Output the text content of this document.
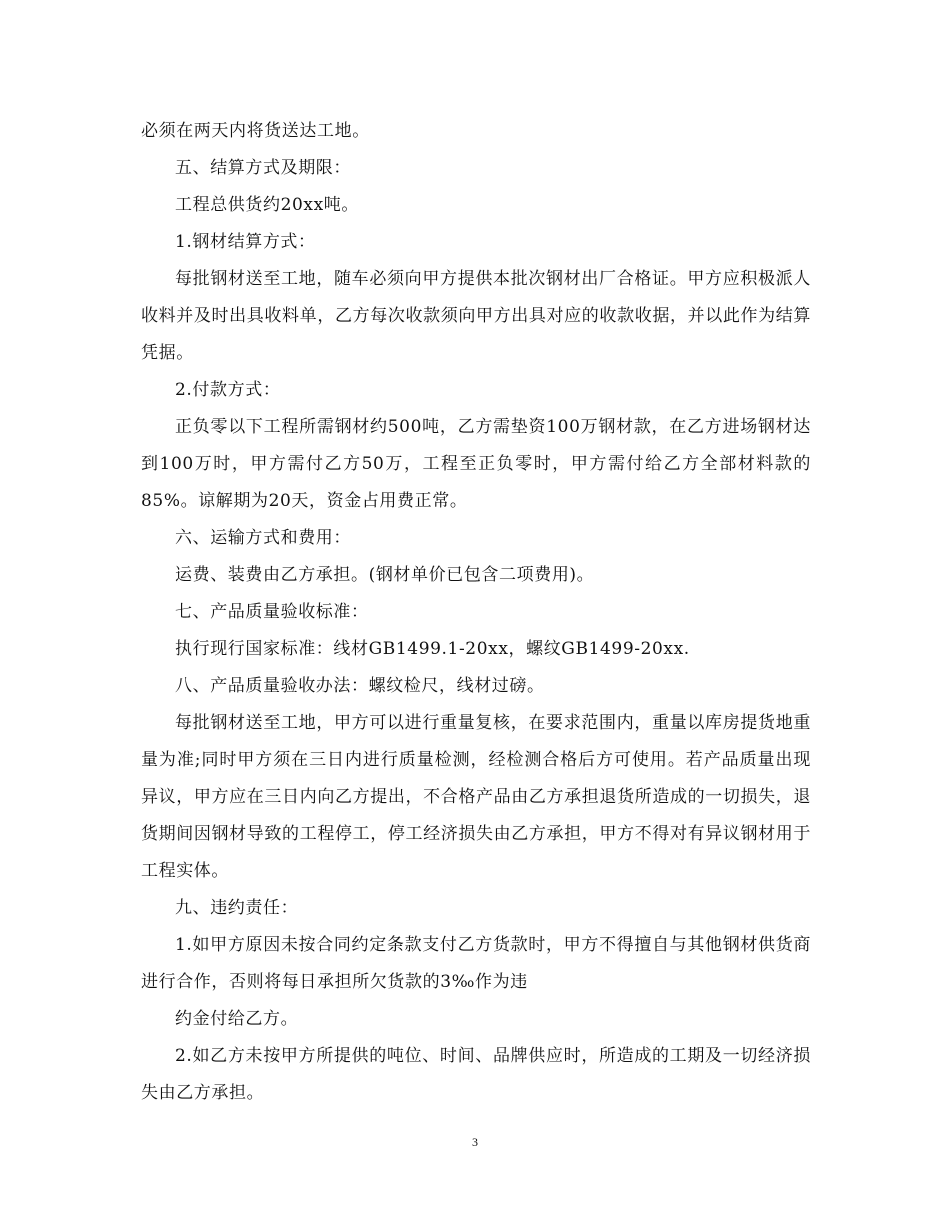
必须在两天内将货送达工地。

五、结算方式及期限：

工程总供货约20xx吨。

1.钢材结算方式：

每批钢材送至工地，随车必须向甲方提供本批次钢材出厂合格证。甲方应积极派人收料并及时出具收料单，乙方每次收款须向甲方出具对应的收款收据，并以此作为结算凭据。

2.付款方式：

正负零以下工程所需钢材约500吨，乙方需垫资100万钢材款，在乙方进场钢材达到100万时，甲方需付乙方50万，工程至正负零时，甲方需付给乙方全部材料款的85%。谅解期为20天，资金占用费正常。

六、运输方式和费用：

运费、装费由乙方承担。(钢材单价已包含二项费用)。

七、产品质量验收标准：

执行现行国家标准：线材GB1499.1-20xx，螺纹GB1499-20xx.

八、产品质量验收办法：螺纹检尺，线材过磅。

每批钢材送至工地，甲方可以进行重量复核，在要求范围内，重量以库房提货地重量为准;同时甲方须在三日内进行质量检测，经检测合格后方可使用。若产品质量出现异议，甲方应在三日内向乙方提出，不合格产品由乙方承担退货所造成的一切损失，退货期间因钢材导致的工程停工，停工经济损失由乙方承担，甲方不得对有异议钢材用于工程实体。

九、违约责任：

1.如甲方原因未按合同约定条款支付乙方货款时，甲方不得擅自与其他钢材供货商进行合作，否则将每日承担所欠货款的3‰作为违

约金付给乙方。

2.如乙方未按甲方所提供的吨位、时间、品牌供应时，所造成的工期及一切经济损失由乙方承担。

3
